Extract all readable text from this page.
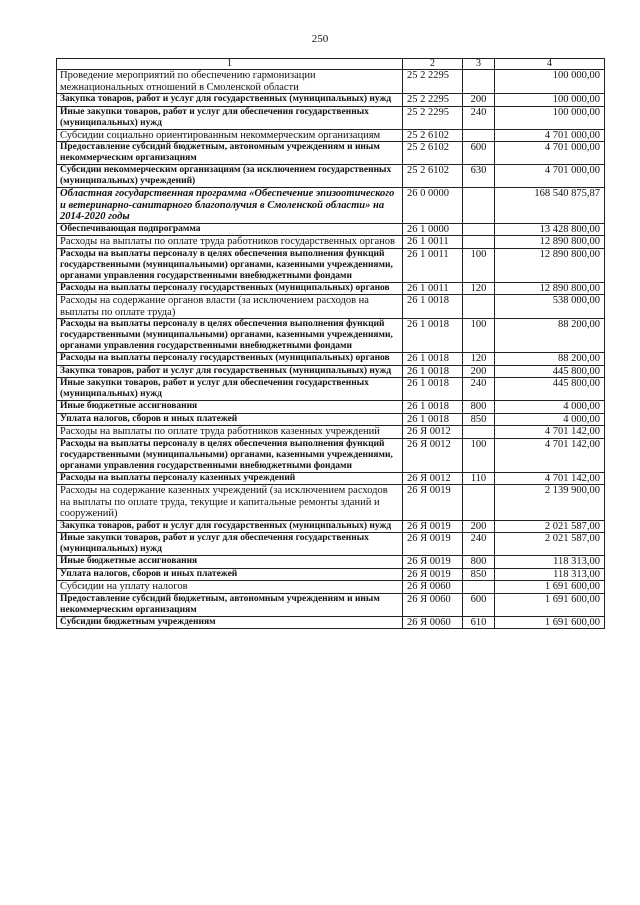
250
1	2	3	4
Проведение мероприятий по обеспечению гармонизации межнациональных отношений в Смоленской области	25 2 2295		100 000,00
Закупка товаров, работ и услуг для государственных (муниципальных) нужд	25 2 2295	200	100 000,00
Иные закупки товаров, работ и услуг для обеспечения государственных (муниципальных) нужд	25 2 2295	240	100 000,00
Субсидии социально ориентированным некоммерческим организациям	25 2 6102		4 701 000,00
Предоставление субсидий бюджетным, автономным учреждениям и иным некоммерческим организациям	25 2 6102	600	4 701 000,00
Субсидии некоммерческим организациям (за исключением государственных (муниципальных) учреждений)	25 2 6102	630	4 701 000,00
Областная государственная программа «Обеспечение эпизоотического и ветеринарно-санитарного благополучия в Смоленской области» на 2014-2020 годы	26 0 0000		168 540 875,87
Обеспечивающая подпрограмма	26 1 0000		13 428 800,00
Расходы на выплаты по оплате труда работников государственных органов	26 1 0011		12 890 800,00
Расходы на выплаты персоналу в целях обеспечения выполнения функций государственными (муниципальными) органами, казенными учреждениями, органами управления государственными внебюджетными фондами	26 1 0011	100	12 890 800,00
Расходы на выплаты персоналу государственных (муниципальных) органов	26 1 0011	120	12 890 800,00
Расходы на содержание органов власти (за исключением расходов на выплаты по оплате труда)	26 1 0018		538 000,00
Расходы на выплаты персоналу в целях обеспечения выполнения функций государственными (муниципальными) органами, казенными учреждениями, органами управления государственными внебюджетными фондами	26 1 0018	100	88 200,00
Расходы на выплаты персоналу государственных (муниципальных) органов	26 1 0018	120	88 200,00
Закупка товаров, работ и услуг для государственных (муниципальных) нужд	26 1 0018	200	445 800,00
Иные закупки товаров, работ и услуг для обеспечения государственных (муниципальных) нужд	26 1 0018	240	445 800,00
Иные бюджетные ассигнования	26 1 0018	800	4 000,00
Уплата налогов, сборов и иных платежей	26 1 0018	850	4 000,00
Расходы на выплаты по оплате труда работников казенных учреждений	26 Я 0012		4 701 142,00
Расходы на выплаты персоналу в целях обеспечения выполнения функций государственными (муниципальными) органами, казенными учреждениями, органами управления государственными внебюджетными фондами	26 Я 0012	100	4 701 142,00
Расходы на выплаты персоналу казенных учреждений	26 Я 0012	110	4 701 142,00
Расходы на содержание казенных учреждений (за исключением расходов на выплаты по оплате труда, текущие и капитальные ремонты зданий и сооружений)	26 Я 0019		2 139 900,00
Закупка товаров, работ и услуг для государственных (муниципальных) нужд	26 Я 0019	200	2 021 587,00
Иные закупки товаров, работ и услуг для обеспечения государственных (муниципальных) нужд	26 Я 0019	240	2 021 587,00
Иные бюджетные ассигнования	26 Я 0019	800	118 313,00
Уплата налогов, сборов и иных платежей	26 Я 0019	850	118 313,00
Субсидии на уплату налогов	26 Я 0060		1 691 600,00
Предоставление субсидий бюджетным, автономным учреждениям и иным некоммерческим организациям	26 Я 0060	600	1 691 600,00
Субсидии бюджетным учреждениям	26 Я 0060	610	1 691 600,00
